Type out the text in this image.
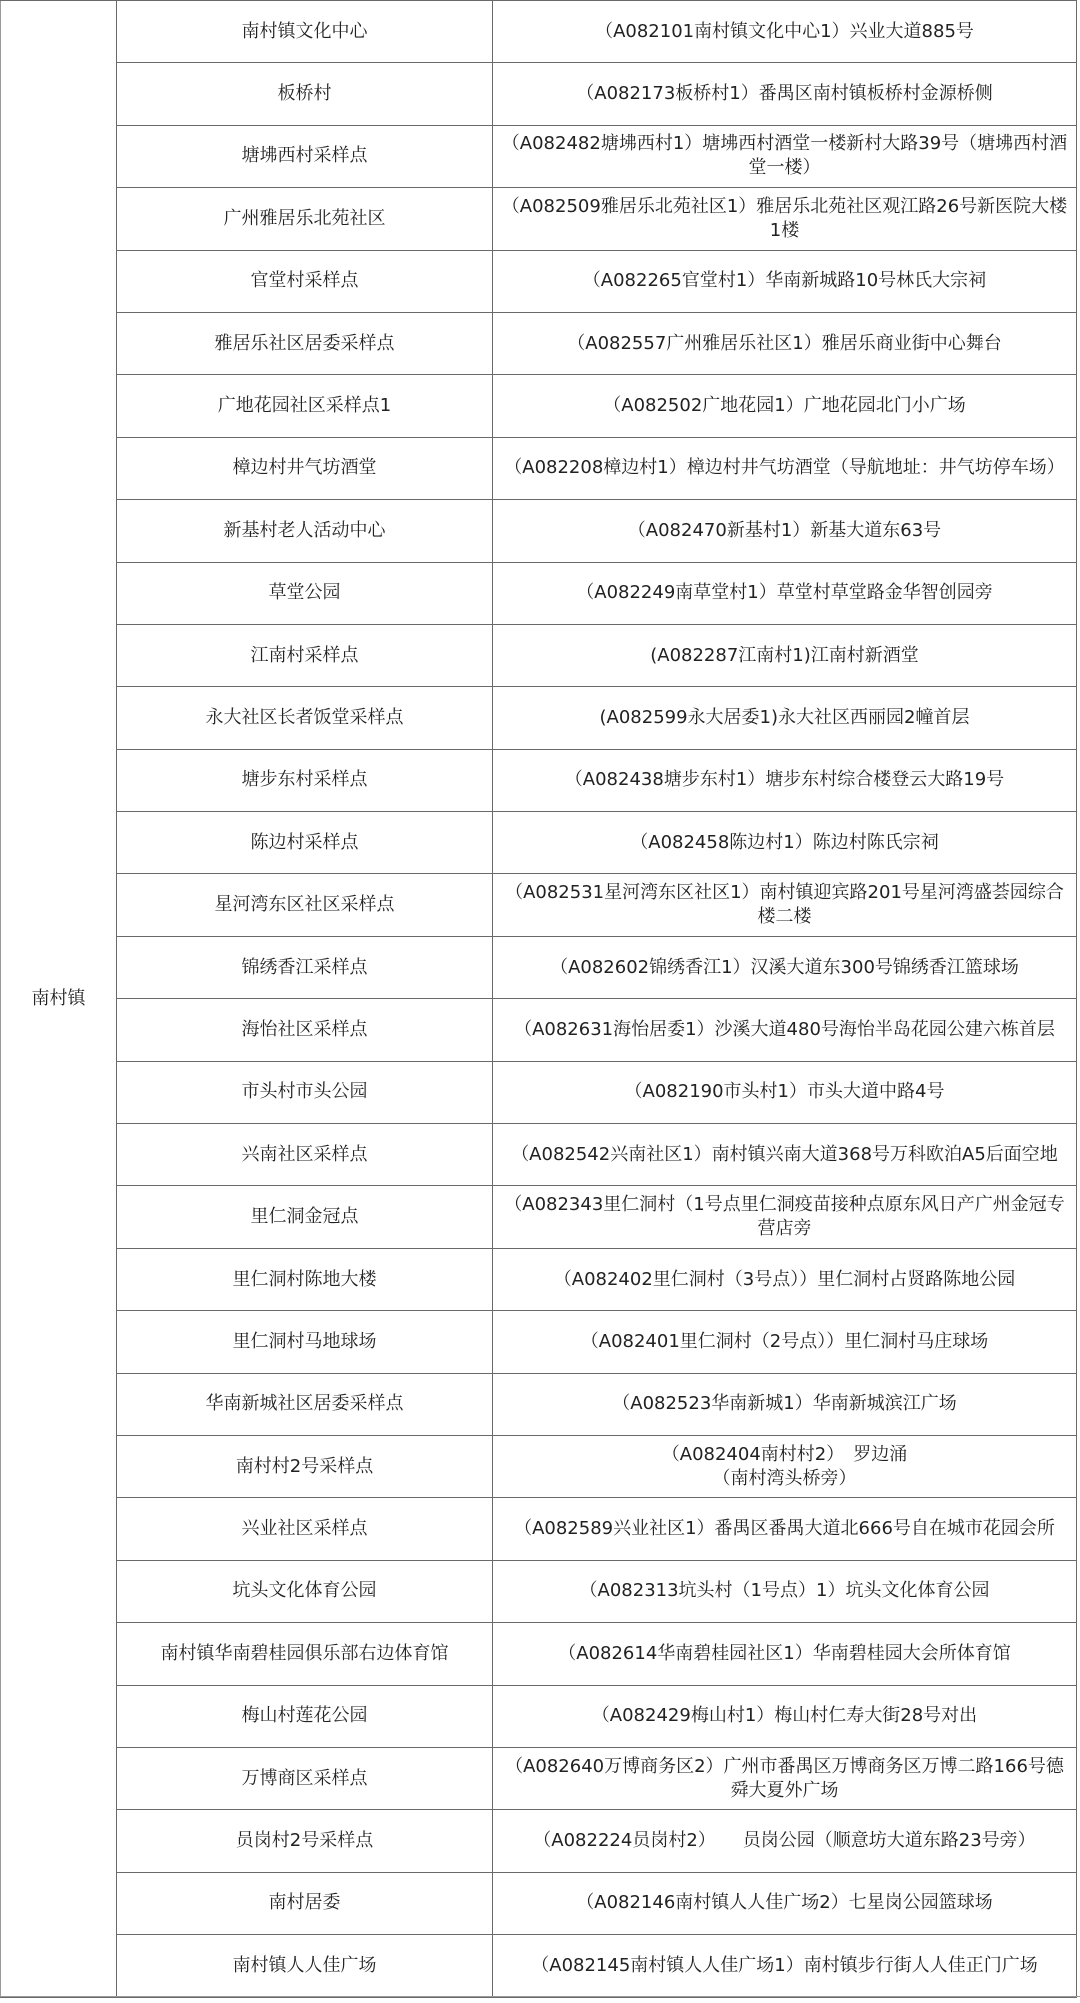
南村镇	南村镇文化中心	（A082101南村镇文化中心1）兴业大道885号
	板桥村	（A082173板桥村1）番禺区南村镇板桥村金源桥侧
	塘坲西村采样点	（A082482塘坲西村1）塘坲西村酒堂一楼新村大路39号（塘坲西村酒堂一楼）
	广州雅居乐北苑社区	（A082509雅居乐北苑社区1）雅居乐北苑社区观江路26号新医院大楼1楼
	官堂村采样点	（A082265官堂村1）华南新城路10号林氏大宗祠
	雅居乐社区居委采样点	（A082557广州雅居乐社区1）雅居乐商业街中心舞台
	广地花园社区采样点1	（A082502广地花园1）广地花园北门小广场
	樟边村井气坊酒堂	（A082208樟边村1）樟边村井气坊酒堂（导航地址：井气坊停车场）
	新基村老人活动中心	（A082470新基村1）新基大道东63号
	草堂公园	（A082249南草堂村1）草堂村草堂路金华智创园旁
	江南村采样点	(A082287江南村1)江南村新酒堂
	永大社区长者饭堂采样点	(A082599永大居委1)永大社区西丽园2幢首层
	塘步东村采样点	（A082438塘步东村1）塘步东村综合楼登云大路19号
	陈边村采样点	（A082458陈边村1）陈边村陈氏宗祠
	星河湾东区社区采样点	（A082531星河湾东区社区1）南村镇迎宾路201号星河湾盛荟园综合楼二楼
	锦绣香江采样点	（A082602锦绣香江1）汉溪大道东300号锦绣香江篮球场
	海怡社区采样点	（A082631海怡居委1）沙溪大道480号海怡半岛花园公建六栋首层
	市头村市头公园	（A082190市头村1）市头大道中路4号
	兴南社区采样点	（A082542兴南社区1）南村镇兴南大道368号万科欧泊A5后面空地
	里仁洞金冠点	（A082343里仁洞村（1号点里仁洞疫苗接种点原东风日产广州金冠专营店旁
	里仁洞村陈地大楼	（A082402里仁洞村（3号点））里仁洞村占贤路陈地公园
	里仁洞村马地球场	（A082401里仁洞村（2号点））里仁洞村马庄球场
	华南新城社区居委采样点	（A082523华南新城1）华南新城滨江广场
	南村村2号采样点	（A082404南村村2）　罗边涌
（南村湾头桥旁）
	兴业社区采样点	（A082589兴业社区1）番禺区番禺大道北666号自在城市花园会所
	坑头文化体育公园	（A082313坑头村（1号点）1）坑头文化体育公园
	南村镇华南碧桂园俱乐部右边体育馆	（A082614华南碧桂园社区1）华南碧桂园大会所体育馆
	梅山村莲花公园	（A082429梅山村1）梅山村仁寿大街28号对出
	万博商区采样点	（A082640万博商务区2）广州市番禺区万博商务区万博二路166号德舜大夏外广场
	员岗村2号采样点	（A082224员岗村2）　　员岗公园（顺意坊大道东路23号旁）
	南村居委	（A082146南村镇人人佳广场2）七星岗公园篮球场
	南村镇人人佳广场	（A082145南村镇人人佳广场1）南村镇步行街人人佳正门广场
